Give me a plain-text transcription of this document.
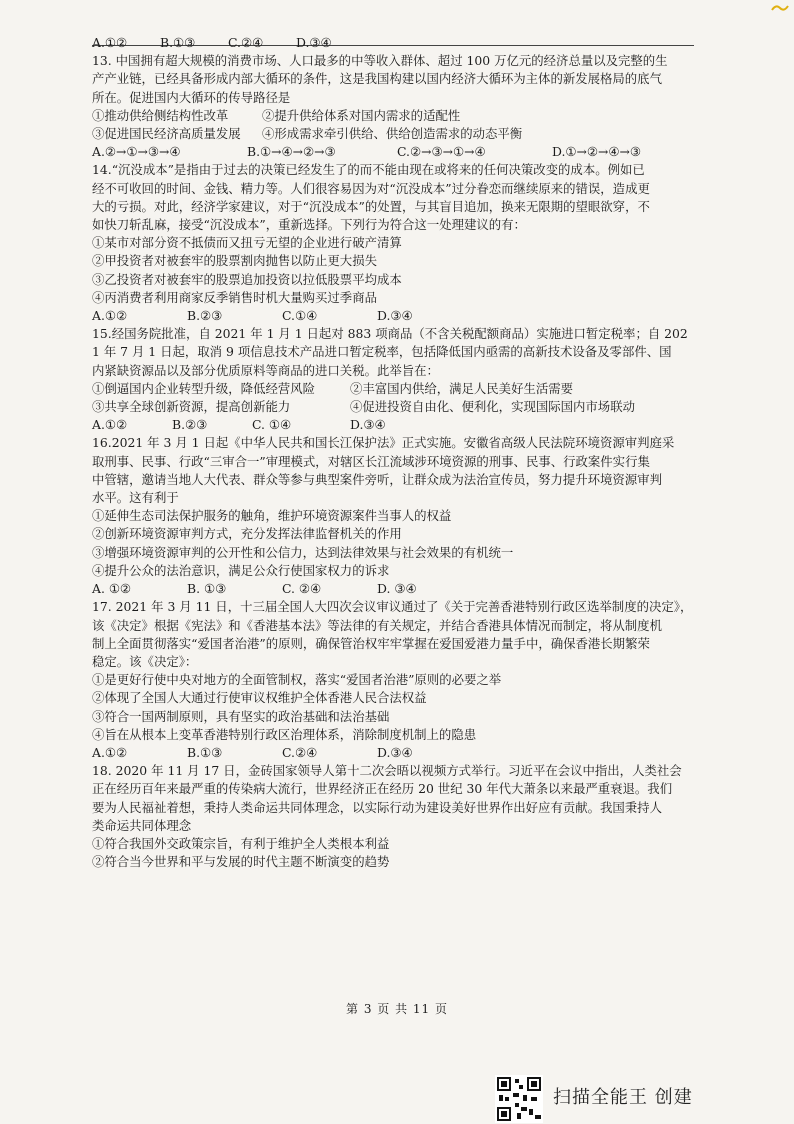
A.①②	B.①③	C.②④	D.③④

13. 中国拥有超大规模的消费市场、人口最多的中等收入群体、超过 100 万亿元的经济总量以及完整的生

产产业链，已经具备形成内部大循环的条件，这是我国构建以国内经济大循环为主体的新发展格局的底气

所在。促进国内大循环的传导路径是

①推动供给侧结构性改革	②提升供给体系对国内需求的适配性
③促进国民经济高质量发展	④形成需求牵引供给、供给创造需求的动态平衡
A.②→①→③→④	B.①→④→②→③	C.②→③→①→④	D.①→②→④→③

14.“沉没成本”是指由于过去的决策已经发生了的而不能由现在或将来的任何决策改变的成本。例如已

经不可收回的时间、金钱、精力等。人们很容易因为对“沉没成本”过分眷恋而继续原来的错误，造成更

大的亏损。对此，经济学家建议，对于“沉没成本”的处置，与其盲目追加，换来无限期的望眼欲穿，不

如快刀斩乱麻，接受“沉没成本”，重新选择。下列行为符合这一处理建议的有：

①某市对部分资不抵债而又扭亏无望的企业进行破产清算

②甲投资者对被套牢的股票割肉抛售以防止更大损失

③乙投资者对被套牢的股票追加投资以拉低股票平均成本

④丙消费者利用商家反季销售时机大量购买过季商品

A.①②	B.②③	C.①④	D.③④

15.经国务院批准，自 2021 年 1 月 1 日起对 883 项商品（不含关税配额商品）实施进口暂定税率；自 202

1 年 7 月 1 日起，取消 9 项信息技术产品进口暂定税率，包括降低国内亟需的高新技术设备及零部件、国

内紧缺资源品以及部分优质原料等商品的进口关税。此举旨在：

①倒逼国内企业转型升级，降低经营风险	②丰富国内供给，满足人民美好生活需要
③共享全球创新资源，提高创新能力	④促进投资自由化、便利化，实现国际国内市场联动
A.①②	B.②③	C. ①④	D.③④

16.2021 年 3 月 1 日起《中华人民共和国长江保护法》正式实施。安徽省高级人民法院环境资源审判庭采

取刑事、民事、行政“三审合一”审理模式，对辖区长江流域涉环境资源的刑事、民事、行政案件实行集

中管辖，邀请当地人大代表、群众等参与典型案件旁听，让群众成为法治宣传员，努力提升环境资源审判

水平。这有利于

①延伸生态司法保护服务的触角，维护环境资源案件当事人的权益

②创新环境资源审判方式，充分发挥法律监督机关的作用

③增强环境资源审判的公开性和公信力，达到法律效果与社会效果的有机统一

④提升公众的法治意识，满足公众行使国家权力的诉求

A. ①②	B. ①③	C. ②④	D. ③④

17. 2021 年 3 月 11 日，十三届全国人大四次会议审议通过了《关于完善香港特别行政区选举制度的决定》，

该《决定》根据《宪法》和《香港基本法》等法律的有关规定，并结合香港具体情况而制定，将从制度机

制上全面贯彻落实“爱国者治港”的原则，确保管治权牢牢掌握在爱国爱港力量手中，确保香港长期繁荣

稳定。该《决定》：

①是更好行使中央对地方的全面管制权，落实“爱国者治港”原则的必要之举

②体现了全国人大通过行使审议权维护全体香港人民合法权益

③符合一国两制原则，具有坚实的政治基础和法治基础

④旨在从根本上变革香港特别行政区治理体系，消除制度机制上的隐患

A.①②	B.①③	C.②④	D.③④

18. 2020 年 11 月 17 日，金砖国家领导人第十二次会晤以视频方式举行。习近平在会议中指出，人类社会

正在经历百年来最严重的传染病大流行，世界经济正在经历 20 世纪 30 年代大萧条以来最严重衰退。我们

要为人民福祉着想，秉持人类命运共同体理念，以实际行动为建设美好世界作出好应有贡献。我国秉持人

类命运共同体理念

①符合我国外交政策宗旨，有利于维护全人类根本利益

②符合当今世界和平与发展的时代主题不断演变的趋势

第 3 页 共 11 页
扫描全能王 创建
